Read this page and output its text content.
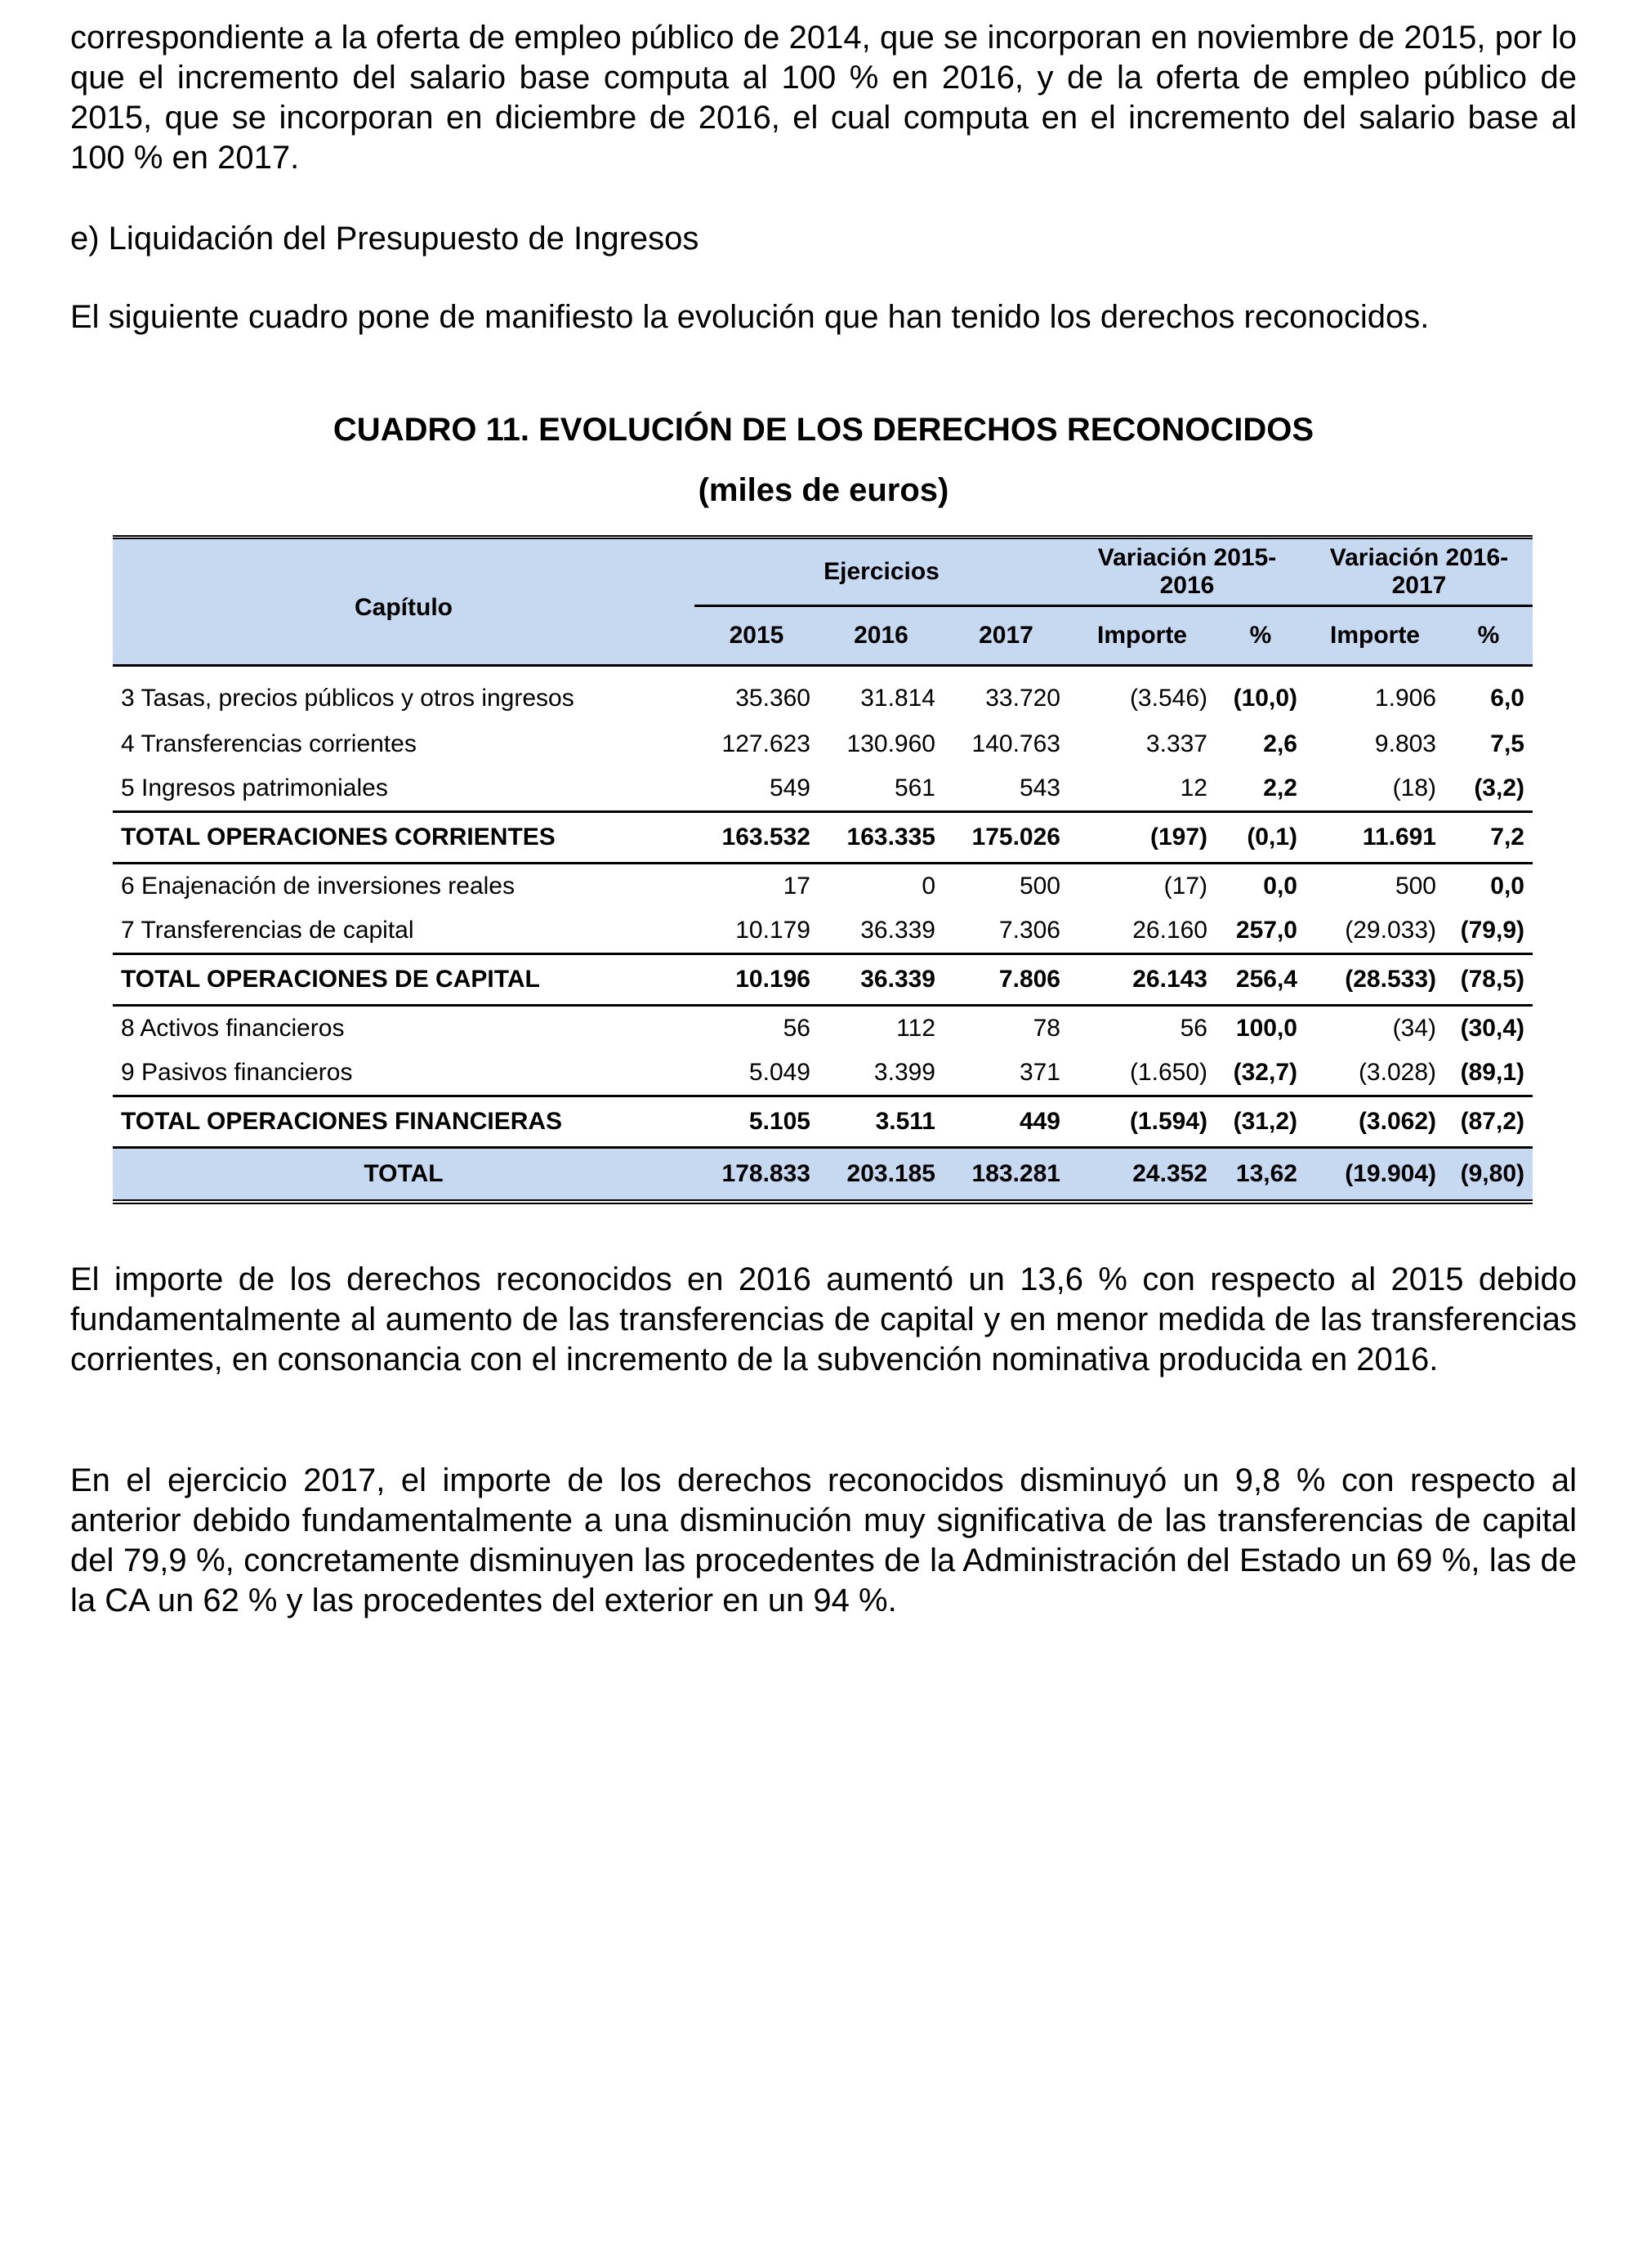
correspondiente a la oferta de empleo público de 2014, que se incorporan en noviembre de 2015, por lo que el incremento del salario base computa al 100 % en 2016, y de la oferta de empleo público de 2015, que se incorporan en diciembre de 2016, el cual computa en el incremento del salario base al 100 % en 2017.

e) Liquidación del Presupuesto de Ingresos

El siguiente cuadro pone de manifiesto la evolución que han tenido los derechos reconocidos.

CUADRO 11. EVOLUCIÓN DE LOS DERECHOS RECONOCIDOS

(miles de euros)

Capítulo	Ejercicios			Variación 2015-2016		Variación 2016-2017	
	2015	2016	2017	Importe	%	Importe	%
3 Tasas, precios públicos y otros ingresos	35.360	31.814	33.720	(3.546)	(10,0)	1.906	6,0
4 Transferencias corrientes	127.623	130.960	140.763	3.337	2,6	9.803	7,5
5 Ingresos patrimoniales	549	561	543	12	2,2	(18)	(3,2)
TOTAL OPERACIONES CORRIENTES	163.532	163.335	175.026	(197)	(0,1)	11.691	7,2
6 Enajenación de inversiones reales	17	0	500	(17)	0,0	500	0,0
7 Transferencias de capital	10.179	36.339	7.306	26.160	257,0	(29.033)	(79,9)
TOTAL OPERACIONES DE CAPITAL	10.196	36.339	7.806	26.143	256,4	(28.533)	(78,5)
8 Activos financieros	56	112	78	56	100,0	(34)	(30,4)
9 Pasivos financieros	5.049	3.399	371	(1.650)	(32,7)	(3.028)	(89,1)
TOTAL OPERACIONES FINANCIERAS	5.105	3.511	449	(1.594)	(31,2)	(3.062)	(87,2)
TOTAL	178.833	203.185	183.281	24.352	13,62	(19.904)	(9,80)

El importe de los derechos reconocidos en 2016 aumentó un 13,6 % con respecto al 2015 debido fundamentalmente al aumento de las transferencias de capital y en menor medida de las transferencias corrientes, en consonancia con el incremento de la subvención nominativa producida en 2016.

En el ejercicio 2017, el importe de los derechos reconocidos disminuyó un 9,8 % con respecto al anterior debido fundamentalmente a una disminución muy significativa de las transferencias de capital del 79,9 %, concretamente disminuyen las procedentes de la Administración del Estado un 69 %, las de la CA un 62 % y las procedentes del exterior en un 94 %.
